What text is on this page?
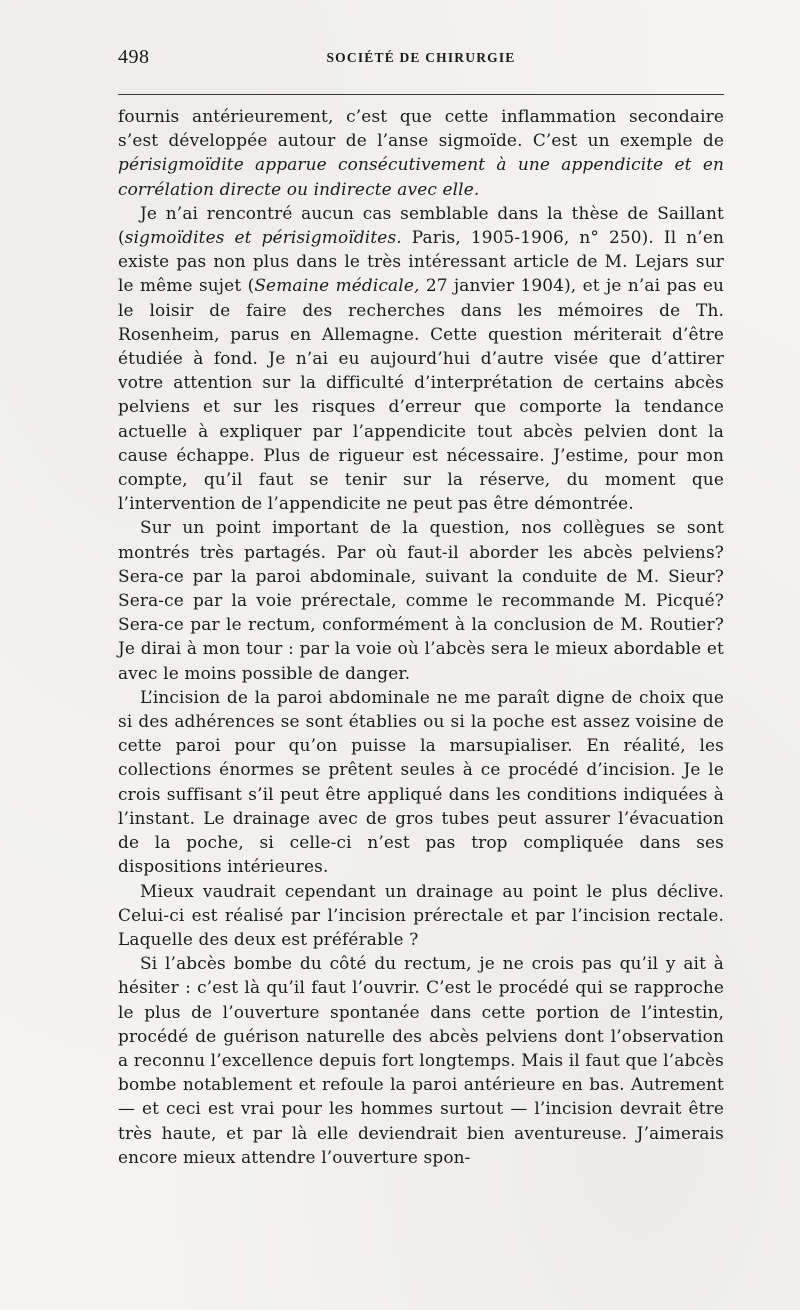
498	SOCIÉTÉ DE CHIRURGIE

fournis antérieurement, c’est que cette inflammation secondaire s’est développée autour de l’anse sigmoïde. C’est un exemple de périsigmoïdite apparue consécutivement à une appendicite et en corrélation directe ou indirecte avec elle.

Je n’ai rencontré aucun cas semblable dans la thèse de Saillant (sigmoïdites et périsigmoïdites. Paris, 1905-1906, n° 250). Il n’en existe pas non plus dans le très intéressant article de M. Lejars sur le même sujet (Semaine médicale, 27 janvier 1904), et je n’ai pas eu le loisir de faire des recherches dans les mémoires de Th. Rosenheim, parus en Allemagne. Cette question mériterait d’être étudiée à fond. Je n’ai eu aujourd’hui d’autre visée que d’attirer votre attention sur la difficulté d’interprétation de certains abcès pelviens et sur les risques d’erreur que comporte la tendance actuelle à expliquer par l’appendicite tout abcès pelvien dont la cause échappe. Plus de rigueur est nécessaire. J’estime, pour mon compte, qu’il faut se tenir sur la réserve, du moment que l’intervention de l’appendicite ne peut pas être démontrée.

Sur un point important de la question, nos collègues se sont montrés très partagés. Par où faut-il aborder les abcès pelviens? Sera-ce par la paroi abdominale, suivant la conduite de M. Sieur? Sera-ce par la voie prérectale, comme le recommande M. Picqué? Sera-ce par le rectum, conformément à la conclusion de M. Routier? Je dirai à mon tour : par la voie où l’abcès sera le mieux abordable et avec le moins possible de danger.

L’incision de la paroi abdominale ne me paraît digne de choix que si des adhérences se sont établies ou si la poche est assez voisine de cette paroi pour qu’on puisse la marsupialiser. En réalité, les collections énormes se prêtent seules à ce procédé d’incision. Je le crois suffisant s’il peut être appliqué dans les conditions indiquées à l’instant. Le drainage avec de gros tubes peut assurer l’évacuation de la poche, si celle-ci n’est pas trop compliquée dans ses dispositions intérieures.

Mieux vaudrait cependant un drainage au point le plus déclive. Celui-ci est réalisé par l’incision prérectale et par l’incision rectale. Laquelle des deux est préférable ?

Si l’abcès bombe du côté du rectum, je ne crois pas qu’il y ait à hésiter : c’est là qu’il faut l’ouvrir. C’est le procédé qui se rapproche le plus de l’ouverture spontanée dans cette portion de l’intestin, procédé de guérison naturelle des abcès pelviens dont l’observation a reconnu l’excellence depuis fort longtemps. Mais il faut que l’abcès bombe notablement et refoule la paroi antérieure en bas. Autrement — et ceci est vrai pour les hommes surtout — l’incision devrait être très haute, et par là elle deviendrait bien aventureuse. J’aimerais encore mieux attendre l’ouverture spon-
